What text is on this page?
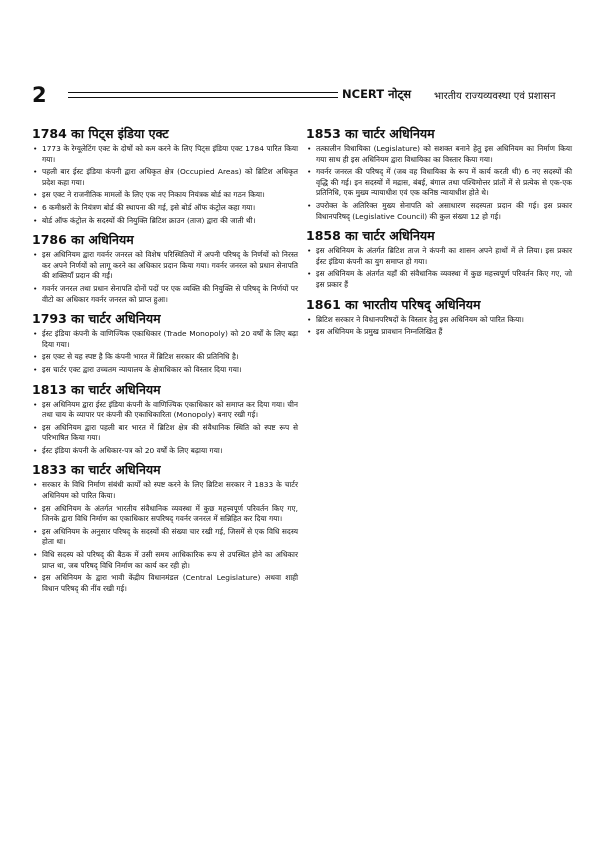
2	NCERT नोट्स भारतीय राज्यव्यवस्था एवं प्रशासन
1784 का पिट्स इंडिया एक्ट
• 1773 के रेग्यूलेटिंग एक्ट के दोषों को कम करने के लिए पिट्स इंडिया एक्ट 1784 पारित किया गया।
• पहली बार ईस्ट इंडिया कंपनी द्वारा अधिकृत क्षेत्र (Occupied Areas) को ब्रिटिश अधिकृत प्रदेश कहा गया।
• इस एक्ट ने राजनीतिक मामलों के लिए एक नए निकाय नियंत्रक बोर्ड का गठन किया।
• 6 कमीश्नरों के नियंत्रण बोर्ड की स्थापना की गई, इसे बोर्ड ऑफ कंट्रोल कहा गया।
• बोर्ड ऑफ कंट्रोल के सदस्यों की नियुक्ति ब्रिटिश क्राउन (ताज) द्वारा की जाती थी।
1786 का अधिनियम
• इस अधिनियम द्वारा गवर्नर जनरल को विशेष परिस्थितियों में अपनी परिषद् के निर्णयों को निरस्त कर अपने निर्णयों को लागू करने का अधिकार प्रदान किया गया। गवर्नर जनरल को प्रधान सेनापति की शक्तियाँ प्रदान की गईं।
• गवर्नर जनरल तथा प्रधान सेनापति दोनों पदों पर एक व्यक्ति की नियुक्ति से परिषद् के निर्णयों पर वीटो का अधिकार गवर्नर जनरल को प्राप्त हुआ।
1793 का चार्टर अधिनियम
• ईस्ट इंडिया कंपनी के वाणिज्यिक एकाधिकार (Trade Monopoly) को 20 वर्षों के लिए बढ़ा दिया गया।
• इस एक्ट से यह स्पष्ट है कि कंपनी भारत में ब्रिटिश सरकार की प्रतिनिधि है।
• इस चार्टर एक्ट द्वारा उच्चतम न्यायालय के क्षेत्राधिकार को विस्तार दिया गया।
1813 का चार्टर अधिनियम
• इस अधिनियम द्वारा ईस्ट इंडिया कंपनी के वाणिज्यिक एकाधिकार को समाप्त कर दिया गया। चीन तथा चाय के व्यापार पर कंपनी की एकाधिकारिता (Monopoly) बनाए रखी गई।
• इस अधिनियम द्वारा पहली बार भारत में ब्रिटिश क्षेत्र की संवैधानिक स्थिति को स्पष्ट रूप से परिभाषित किया गया।
• ईस्ट इंडिया कंपनी के अधिकार-पत्र को 20 वर्षों के लिए बढ़ाया गया।
1833 का चार्टर अधिनियम
• सरकार के विधि निर्माण संबंधी कार्यों को स्पष्ट करने के लिए ब्रिटिश सरकार ने 1833 के चार्टर अधिनियम को पारित किया।
• इस अधिनियम के अंतर्गत भारतीय संवैधानिक व्यवस्था में कुछ महत्त्वपूर्ण परिवर्तन किए गए, जिनके द्वारा विधि निर्माण का एकाधिकार सपरिषद् गवर्नर जनरल में सन्निहित कर दिया गया।
• इस अधिनियम के अनुसार परिषद् के सदस्यों की संख्या चार रखी गई, जिसमें से एक विधि सदस्य होता था।
• विधि सदस्य को परिषद् की बैठक में उसी समय आधिकारिक रूप से उपस्थित होने का अधिकार प्राप्त था, जब परिषद् विधि निर्माण का कार्य कर रही हो।
• इस अधिनियम के द्वारा भावी केंद्रीय विधानमंडल (Central Legislature) अथवा शाही विधान परिषद् की नींव रखी गई।
1853 का चार्टर अधिनियम
• तत्कालीन विधायिका (Legislature) को सशक्त बनाने हेतु इस अधिनियम का निर्माण किया गया साथ ही इस अधिनियम द्वारा विधायिका का विस्तार किया गया।
• गवर्नर जनरल की परिषद् में (जब वह विधायिका के रूप में कार्य करती थी) 6 नए सदस्यों की वृद्धि की गई। इन सदस्यों में मद्रास, बंबई, बंगाल तथा पश्चिमोत्तर प्रांतों में से प्रत्येक से एक-एक प्रतिनिधि, एक मुख्य न्यायाधीश एवं एक कनिष्ठ न्यायाधीश होते थे।
• उपरोक्त के अतिरिक्त मुख्य सेनापति को असाधारण सदस्यता प्रदान की गई। इस प्रकार विधानपरिषद् (Legislative Council) की कुल संख्या 12 हो गई।
1858 का चार्टर अधिनियम
• इस अधिनियम के अंतर्गत ब्रिटिश ताज ने कंपनी का शासन अपने हाथों में ले लिया। इस प्रकार ईस्ट इंडिया कंपनी का युग समाप्त हो गया।
• इस अधिनियम के अंतर्गत यहाँ की संवैधानिक व्यवस्था में कुछ महत्त्वपूर्ण परिवर्तन किए गए, जो इस प्रकार हैं
1861 का भारतीय परिषद् अधिनियम
• ब्रिटिश सरकार ने विधानपरिषदों के विस्तार हेतु इस अधिनियम को पारित किया।
• इस अधिनियम के प्रमुख प्रावधान निम्नलिखित हैं
